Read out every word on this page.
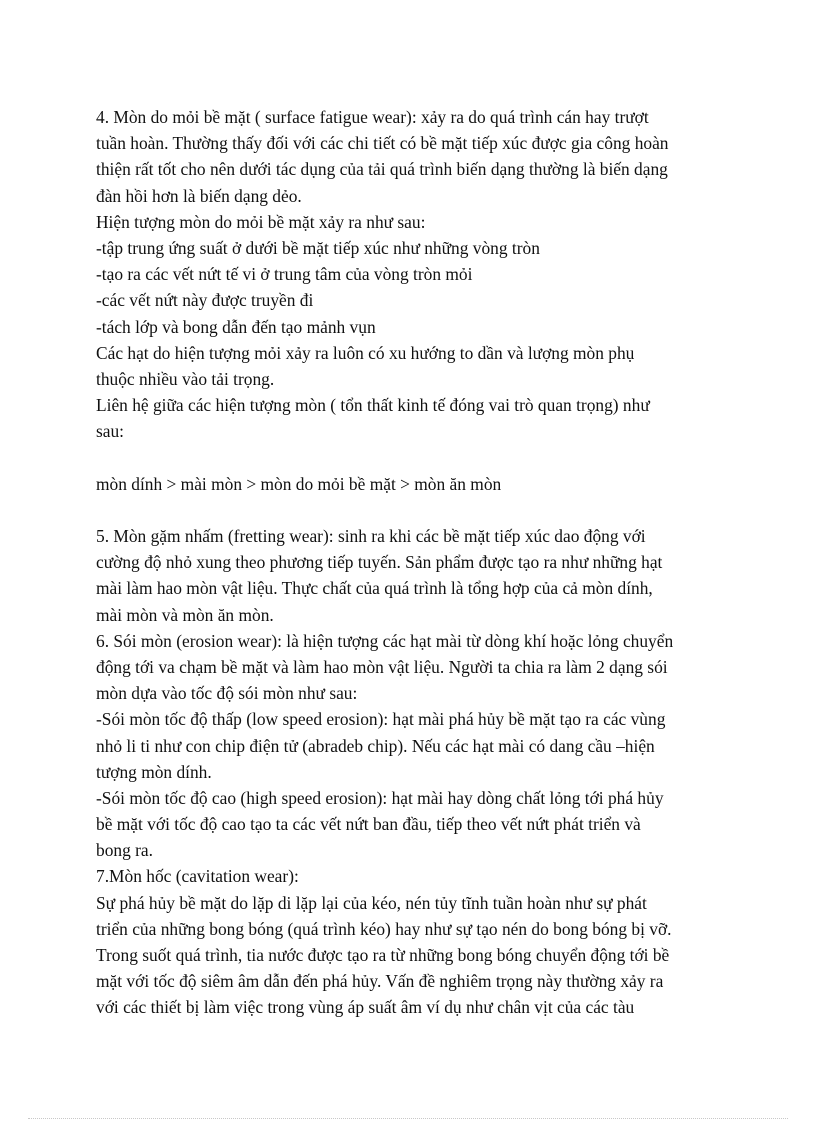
4. Mòn do mỏi bề mặt ( surface fatigue wear): xảy ra do quá trình cán hay trượt
tuần hoàn. Thường thấy đối với các chi tiết có bề mặt tiếp xúc được gia công hoàn
thiện rất tốt cho nên dưới tác dụng của tải quá trình biến dạng thường là biến dạng
đàn hồi hơn là biến dạng dẻo.
Hiện tượng mòn do mỏi bề mặt xảy ra như sau:
-tập trung ứng suất ở dưới bề mặt tiếp xúc như những vòng tròn
-tạo ra các vết nứt tế vi ở trung tâm của vòng tròn mỏi
-các vết nứt này được truyền đi
-tách lớp và bong dẫn đến tạo mảnh vụn
Các hạt do hiện tượng mỏi xảy ra luôn có xu hướng to dần và lượng mòn phụ
thuộc nhiều vào tải trọng.
Liên hệ giữa các hiện tượng mòn ( tổn thất kinh tế đóng vai trò quan trọng) như
sau:
mòn dính > mài mòn > mòn do mỏi bề mặt > mòn ăn mòn
5. Mòn gặm nhấm (fretting wear): sinh ra khi các bề mặt tiếp xúc dao động với
cường độ nhỏ xung theo phương tiếp tuyến. Sản phẩm được tạo ra như những hạt
mài làm hao mòn vật liệu. Thực chất của quá trình là tổng hợp của cả mòn dính,
mài mòn và mòn ăn mòn.
6. Sói mòn (erosion wear): là hiện tượng các hạt mài từ dòng khí hoặc lỏng chuyển
động tới va chạm bề mặt và làm hao mòn vật liệu. Người ta chia ra làm 2 dạng sói
mòn dựa vào tốc độ sói mòn như sau:
-Sói mòn tốc độ thấp (low speed erosion): hạt mài phá hủy bề mặt tạo ra các vùng
nhỏ li ti như con chip điện tử (abradeb chip). Nếu các hạt mài có dang cầu –hiện
tượng mòn dính.
-Sói mòn tốc độ cao (high speed erosion): hạt mài hay dòng chất lỏng tới phá hủy
bề mặt với tốc độ cao tạo ta các vết nứt ban đầu, tiếp theo vết nứt phát triển và
bong ra.
7.Mòn hốc (cavitation wear):
Sự phá hủy bề mặt do lặp di lặp lại của kéo, nén tủy tĩnh tuần hoàn như sự phát
triển của những bong bóng (quá trình kéo) hay như sự tạo nén do bong bóng bị vỡ.
Trong suốt quá trình, tia nước được tạo ra từ những bong bóng chuyển động tới bề
mặt với tốc độ siêm âm dẫn đến phá hủy. Vấn đề nghiêm trọng này thường xảy ra
với các thiết bị làm việc trong vùng áp suất âm ví dụ như chân vịt của các tàu
